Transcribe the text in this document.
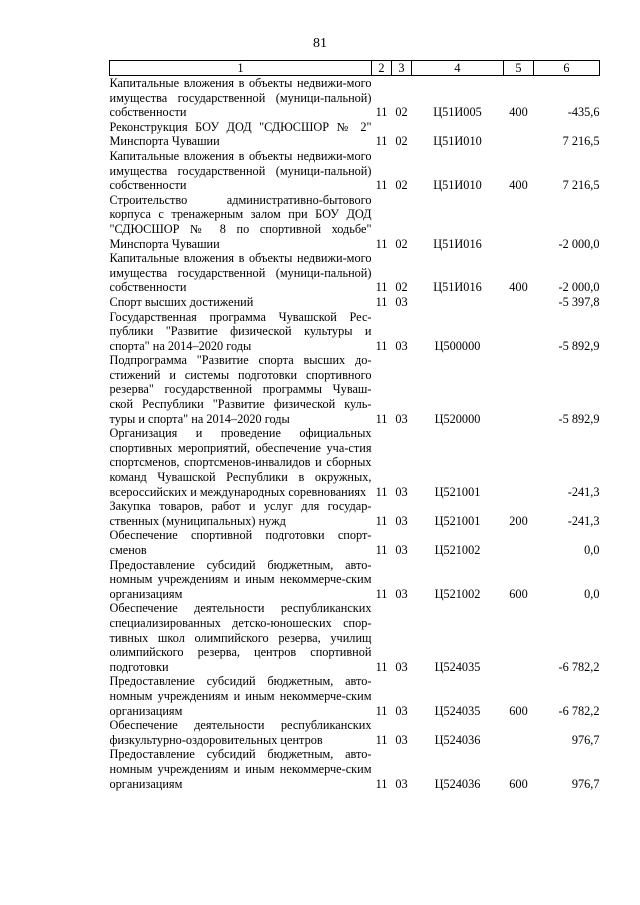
81
1	2	3	4	5	6
Капитальные вложения в объекты недвижи-мого имущества государственной (муници-пальной) собственности	11	02	Ц51И005	400	-435,6
Реконструкция БОУ ДОД "СДЮСШОР № 2" Минспорта Чувашии	11	02	Ц51И010		7 216,5
Капитальные вложения в объекты недвижи-мого имущества государственной (муници-пальной) собственности	11	02	Ц51И010	400	7 216,5
Строительство административно-бытового корпуса с тренажерным залом при БОУ ДОД "СДЮСШОР № 8 по спортивной ходьбе" Минспорта Чувашии	11	02	Ц51И016		-2 000,0
Капитальные вложения в объекты недвижи-мого имущества государственной (муници-пальной) собственности	11	02	Ц51И016	400	-2 000,0
Спорт высших достижений	11	03			-5 397,8
Государственная программа Чувашской Рес-публики "Развитие физической культуры и спорта" на 2014–2020 годы	11	03	Ц500000		-5 892,9
Подпрограмма "Развитие спорта высших до-стижений и системы подготовки спортивного резерва" государственной программы Чуваш-ской Республики "Развитие физической куль-туры и спорта" на 2014–2020 годы	11	03	Ц520000		-5 892,9
Организация и проведение официальных спортивных мероприятий, обеспечение уча-стия спортсменов, спортсменов-инвалидов и сборных команд Чувашской Республики в окружных, всероссийских и международных соревнованиях	11	03	Ц521001		-241,3
Закупка товаров, работ и услуг для государ-ственных (муниципальных) нужд	11	03	Ц521001	200	-241,3
Обеспечение спортивной подготовки спорт-сменов	11	03	Ц521002		0,0
Предоставление субсидий бюджетным, авто-номным учреждениям и иным некоммерче-ским организациям	11	03	Ц521002	600	0,0
Обеспечение деятельности республиканских специализированных детско-юношеских спор-тивных школ олимпийского резерва, училищ олимпийского резерва, центров спортивной подготовки	11	03	Ц524035		-6 782,2
Предоставление субсидий бюджетным, авто-номным учреждениям и иным некоммерче-ским организациям	11	03	Ц524035	600	-6 782,2
Обеспечение деятельности республиканских физкультурно-оздоровительных центров	11	03	Ц524036		976,7
Предоставление субсидий бюджетным, авто-номным учреждениям и иным некоммерче-ским организациям	11	03	Ц524036	600	976,7
